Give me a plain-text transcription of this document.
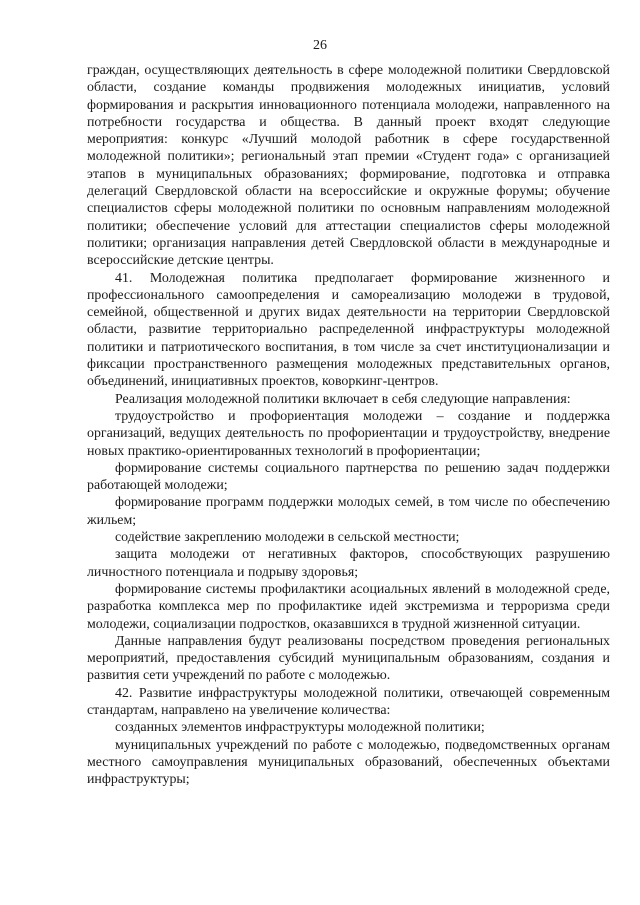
26

граждан, осуществляющих деятельность в сфере молодежной политики Свердловской области, создание команды продвижения молодежных инициатив, условий формирования и раскрытия инновационного потенциала молодежи, направленного на потребности государства и общества. В данный проект входят следующие мероприятия: конкурс «Лучший молодой работник в сфере государственной молодежной политики»; региональный этап премии «Студент года» с организацией этапов в муниципальных образованиях; формирование, подготовка и отправка делегаций Свердловской области на всероссийские и окружные форумы; обучение специалистов сферы молодежной политики по основным направлениям молодежной политики; обеспечение условий для аттестации специалистов сферы молодежной политики; организация направления детей Свердловской области в международные и всероссийские детские центры.

41. Молодежная политика предполагает формирование жизненного и профессионального самоопределения и самореализацию молодежи в трудовой, семейной, общественной и других видах деятельности на территории Свердловской области, развитие территориально распределенной инфраструктуры молодежной политики и патриотического воспитания, в том числе за счет институционализации и фиксации пространственного размещения молодежных представительных органов, объединений, инициативных проектов, коворкинг-центров.

Реализация молодежной политики включает в себя следующие направления:

трудоустройство и профориентация молодежи – создание и поддержка организаций, ведущих деятельность по профориентации и трудоустройству, внедрение новых практико-ориентированных технологий в профориентации;

формирование системы социального партнерства по решению задач поддержки работающей молодежи;

формирование программ поддержки молодых семей, в том числе по обеспечению жильем;

содействие закреплению молодежи в сельской местности;

защита молодежи от негативных факторов, способствующих разрушению личностного потенциала и подрыву здоровья;

формирование системы профилактики асоциальных явлений в молодежной среде, разработка комплекса мер по профилактике идей экстремизма и терроризма среди молодежи, социализации подростков, оказавшихся в трудной жизненной ситуации.

Данные направления будут реализованы посредством проведения региональных мероприятий, предоставления субсидий муниципальным образованиям, создания и развития сети учреждений по работе с молодежью.

42. Развитие инфраструктуры молодежной политики, отвечающей современным стандартам, направлено на увеличение количества:

созданных элементов инфраструктуры молодежной политики;

муниципальных учреждений по работе с молодежью, подведомственных органам местного самоуправления муниципальных образований, обеспеченных объектами инфраструктуры;
